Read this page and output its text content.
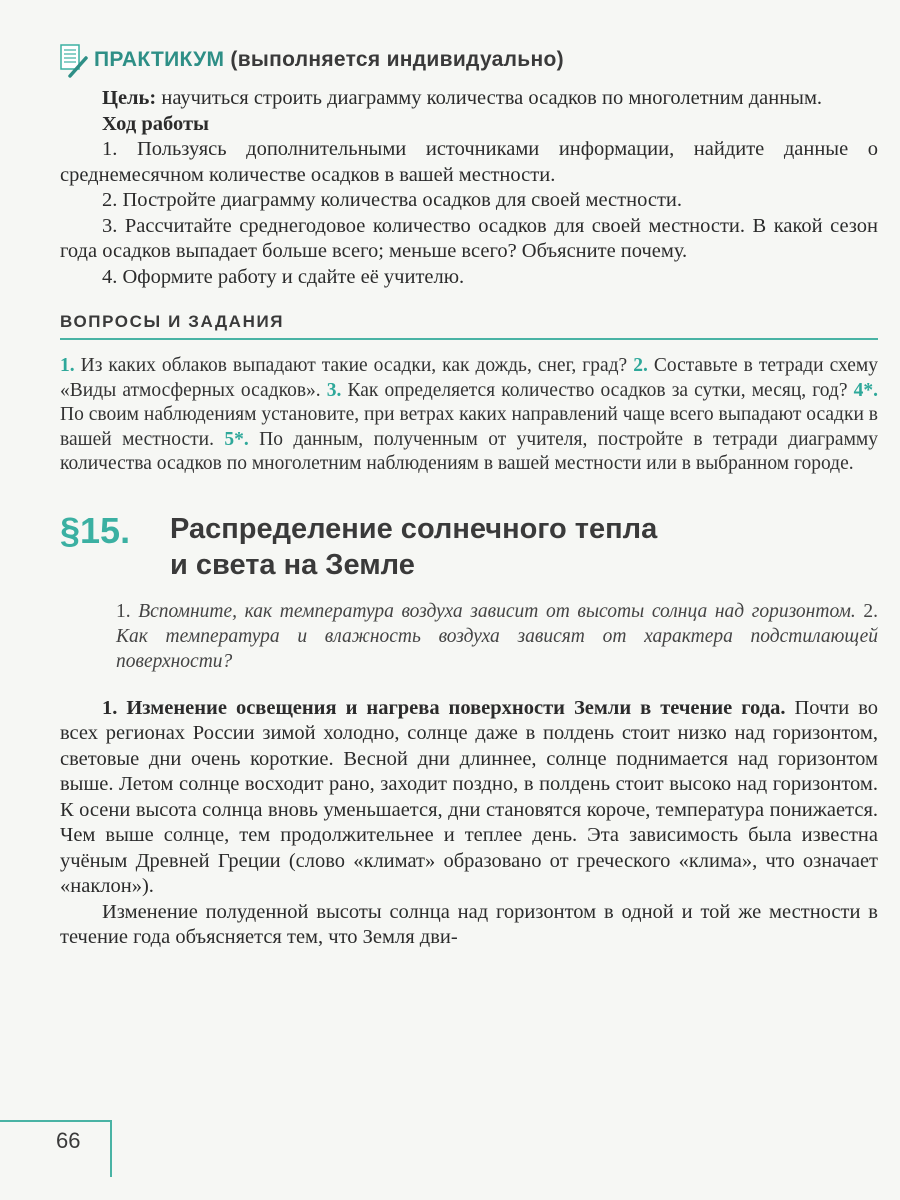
ПРАКТИКУМ (выполняется индивидуально)

Цель: научиться строить диаграмму количества осадков по многолетним данным.

Ход работы

1. Пользуясь дополнительными источниками информации, найдите данные о среднемесячном количестве осадков в вашей местности.

2. Постройте диаграмму количества осадков для своей местности.

3. Рассчитайте среднегодовое количество осадков для своей местности. В какой сезон года осадков выпадает больше всего; меньше всего? Объясните почему.

4. Оформите работу и сдайте её учителю.

ВОПРОСЫ И ЗАДАНИЯ
1. Из каких облаков выпадают такие осадки, как дождь, снег, град? 2. Составьте в тетради схему «Виды атмосферных осадков». 3. Как определяется количество осадков за сутки, месяц, год? 4*. По своим наблюдениям установите, при ветрах каких направлений чаще всего выпадают осадки в вашей местности. 5*. По данным, полученным от учителя, постройте в тетради диаграмму количества осадков по многолетним наблюдениям в вашей местности или в выбранном городе.
§15.	Распределение солнечного тепла
и света на Земле
1. Вспомните, как температура воздуха зависит от высоты солнца над горизонтом. 2. Как температура и влажность воздуха зависят от характера подстилающей поверхности?

1. Изменение освещения и нагрева поверхности Земли в течение года. Почти во всех регионах России зимой холодно, солнце даже в полдень стоит низко над горизонтом, световые дни очень короткие. Весной дни длиннее, солнце поднимается над горизонтом выше. Летом солнце восходит рано, заходит поздно, в полдень стоит высоко над горизонтом. К осени высота солнца вновь уменьшается, дни становятся короче, температура понижается. Чем выше солнце, тем продолжительнее и теплее день. Эта зависимость была известна учёным Древней Греции (слово «климат» образовано от греческого «клима», что означает «наклон»).

Изменение полуденной высоты солнца над горизонтом в одной и той же местности в течение года объясняется тем, что Земля дви-

66
